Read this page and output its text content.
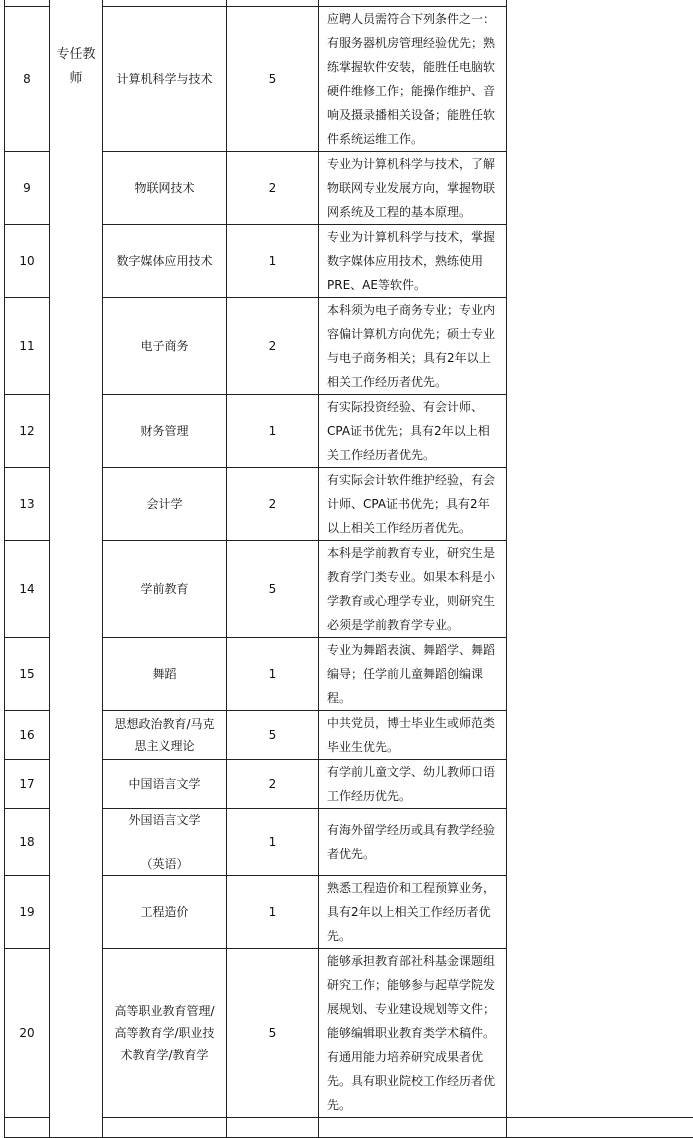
	专任教
师				

8		计算机科学与技术	5	应聘人员需符合下列条件之一：有服务器机房管理经验优先；熟练掌握软件安装，能胜任电脑软硬件维修工作；能操作维护、音响及摄录播相关设备；能胜任软件系统运维工作。	
9		物联网技术	2	专业为计算机科学与技术，了解物联网专业发展方向，掌握物联网系统及工程的基本原理。	
10		数字媒体应用技术	1	专业为计算机科学与技术，掌握数字媒体应用技术，熟练使用PRE、AE等软件。	
11		电子商务	2	本科须为电子商务专业；专业内容偏计算机方向优先；硕士专业与电子商务相关；具有2年以上相关工作经历者优先。	
12		财务管理	1	有实际投资经验、有会计师、CPA证书优先；具有2年以上相关工作经历者优先。	
13		会计学	2	有实际会计软件维护经验，有会计师、CPA证书优先；具有2年以上相关工作经历者优先。	
14		学前教育	5	本科是学前教育专业，研究生是教育学门类专业。如果本科是小学教育或心理学专业，则研究生必须是学前教育学专业。	
15		舞蹈	1	专业为舞蹈表演、舞蹈学、舞蹈编导；任学前儿童舞蹈创编课程。	
16		思想政治教育/马克
思主义理论	5	中共党员，博士毕业生或师范类毕业生优先。	
17		中国语言文学	2	有学前儿童文学、幼儿教师口语工作经历优先。	
18		外国语言文学

（英语）	1	有海外留学经历或具有教学经验者优先。	
19		工程造价	1	熟悉工程造价和工程预算业务，具有2年以上相关工作经历者优先。	
20		高等职业教育管理/
高等教育学/职业技
术教育学/教育学	5	能够承担教育部社科基金课题组研究工作；能够参与起草学院发展规划、专业建设规划等文件；能够编辑职业教育类学术稿件。有通用能力培养研究成果者优先。具有职业院校工作经历者优先。	
